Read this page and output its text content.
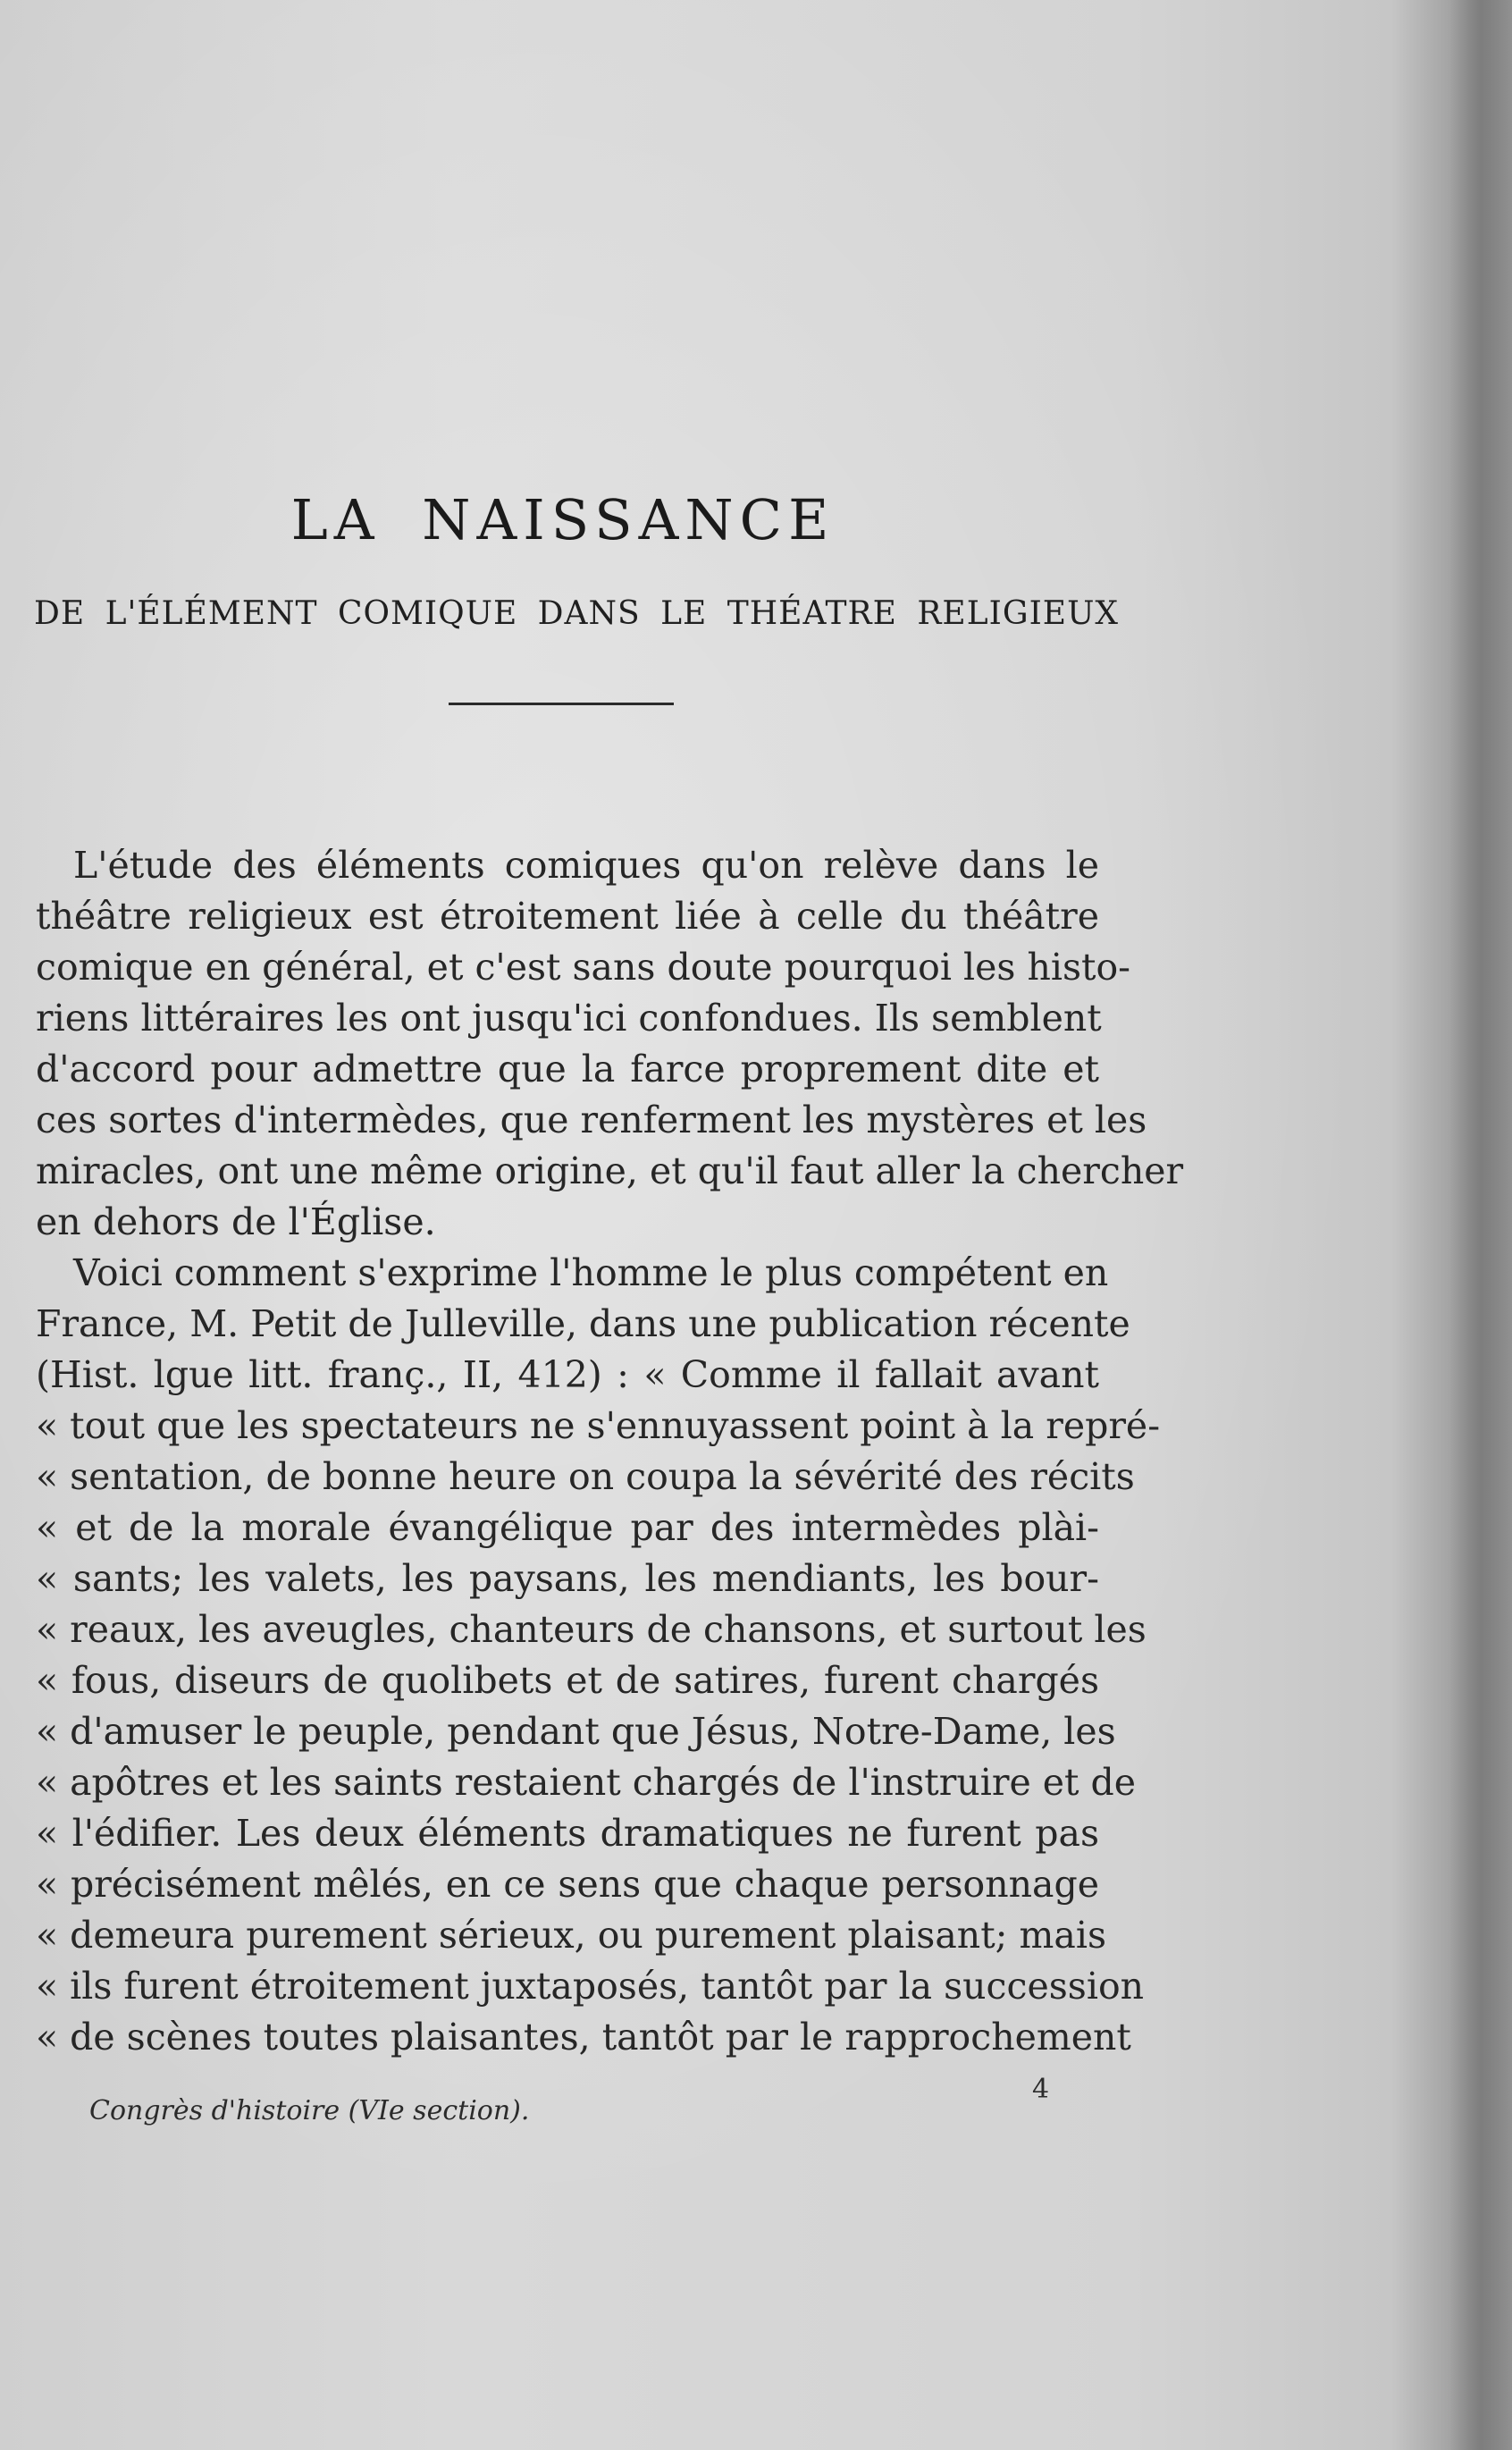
LA NAISSANCE
DE L'ÉLÉMENT COMIQUE DANS LE THÉATRE RELIGIEUX
L'étude des éléments comiques qu'on relève dans le
théâtre religieux est étroitement liée à celle du théâtre
comique en général, et c'est sans doute pourquoi les histo-
riens littéraires les ont jusqu'ici confondues. Ils semblent
d'accord pour admettre que la farce proprement dite et
ces sortes d'intermèdes, que renferment les mystères et les
miracles, ont une même origine, et qu'il faut aller la chercher
en dehors de l'Église.
Voici comment s'exprime l'homme le plus compétent en
France, M. Petit de Julleville, dans une publication récente
(Hist. lgue litt. franç., II, 412) : « Comme il fallait avant
« tout que les spectateurs ne s'ennuyassent point à la repré-
« sentation, de bonne heure on coupa la sévérité des récits
« et de la morale évangélique par des intermèdes plài-
« sants; les valets, les paysans, les mendiants, les bour-
« reaux, les aveugles, chanteurs de chansons, et surtout les
« fous, diseurs de quolibets et de satires, furent chargés
« d'amuser le peuple, pendant que Jésus, Notre-Dame, les
« apôtres et les saints restaient chargés de l'instruire et de
« l'édifier. Les deux éléments dramatiques ne furent pas
« précisément mêlés, en ce sens que chaque personnage
« demeura purement sérieux, ou purement plaisant; mais
« ils furent étroitement juxtaposés, tantôt par la succession
« de scènes toutes plaisantes, tantôt par le rapprochement
Congrès d'histoire (VIe section).
4
